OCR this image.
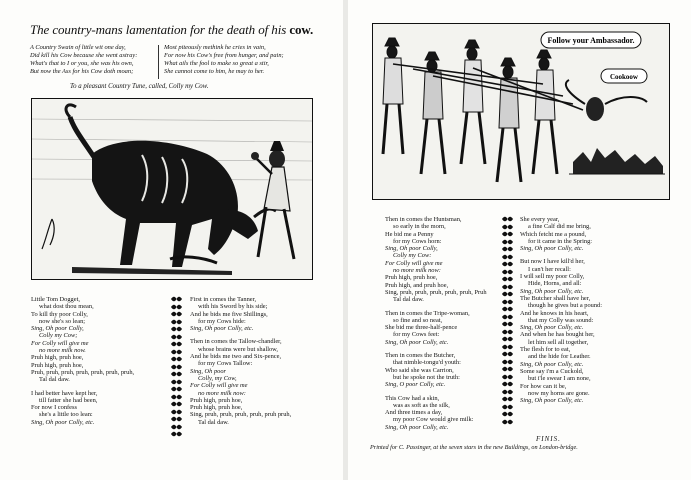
The country-mans lamentation for the death of his cow.
A Country Swain of little wit one day,
Did kill his Cow because she went astray:
What's that to I or you, she was his own,
But now the Ass for his Cow doth moan;
Most piteously methink he cries in vain,
For now his Cow's free from hunger, and pain;
What ails the fool to make so great a stir,
She cannot come to him, he may to her.
To a pleasant Country Tune, called, Colly my Cow.
Little Tom Dogget,
what dost thou mean,
To kill thy poor Colly,
now she's so lean;
Sing, Oh poor Colly,
Colly my Cow;
For Colly will give me
no more milk now.
Pruh high, pruh hoe,
Pruh high, pruh hoe,
Pruh, pruh, pruh, pruh, pruh, pruh, pruh,
Tal dal daw.
I had better have kept her,
till fatter she had been,
For now I confess
she's a little too lean:
Sing, Oh poor Colly, etc.
First in comes the Tanner,
with his Sword by his side;
And he bids me five Shillings,
for my Cows hide:
Sing, Oh poor Colly, etc.
Then in comes the Tallow-chandler,
whose brains were but shallow,
And he bids me two and Six-pence,
for my Cows Tallow:
Sing, Oh poor
Colly, my Cow,
For Colly will give me
no more milk now:
Pruh high, pruh hoe,
Pruh high, pruh hoe,
Sing, pruh, pruh, pruh, pruh, pruh pruh,
Tal dal daw.
Follow your Ambassador.
Cookoow
Then in comes the Huntsman,
so early in the morn,
He bid me a Penny
for my Cows horn:
Sing, Oh poor Colly,
Colly my Cow:
For Colly will give me
no more milk now:
Pruh high, pruh hoe,
Pruh high, and pruh hoe,
Sing, pruh, pruh, pruh, pruh, pruh, Pruh
Tal dal daw.
Then in comes the Tripe-woman,
so fine and so neat,
She bid me three-half-pence
for my Cows feet:
Sing, Oh poor Colly, etc.
Then in comes the Butcher,
that nimble-tongu'd youth:
Who said she was Carrion,
but he spoke not the truth:
Sing, O poor Colly, etc.
This Cow had a skin,
was as soft as the silk,
And three times a day,
my poor Cow would give milk:
Sing, Oh poor Colly, etc.
She every year,
a fine Calf did me bring,
Which fetcht me a pound,
for it came in the Spring:
Sing, Oh poor Colly, etc.
But now I have kill'd her,
I can't her recall:
I will sell my poor Colly,
Hide, Horns, and all:
Sing, Oh poor Colly, etc.
The Butcher shall have her,
though he gives but a pound:
And he knows in his heart,
that my Colly was sound:
Sing, Oh poor Colly, etc.
And when he has bought her,
let him sell all together,
The flesh for to eat,
and the hide for Leather.
Sing, Oh poor Colly, etc.
Some say i'm a Cuckold,
but i'le swear I am none,
For how can it be,
now my horns are gone.
Sing, Oh poor Colly, etc.
FINIS.
Printed for C. Passinger, at the seven stars in the new Buildings, on London-bridge.
